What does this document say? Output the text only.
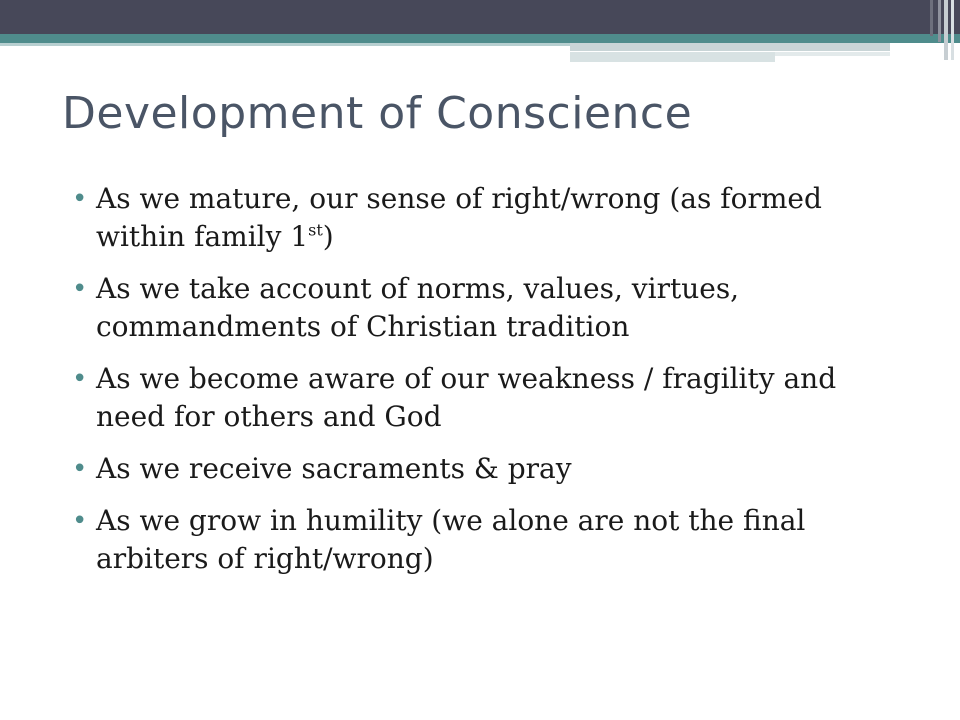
Development of Conscience
• As we mature, our sense of right/wrong (as formed within family 1st)
• As we take account of norms, values, virtues, commandments of Christian tradition
• As we become aware of our weakness / fragility and need for others and God
• As we receive sacraments & pray
• As we grow in humility (we alone are not the final arbiters of right/wrong)
